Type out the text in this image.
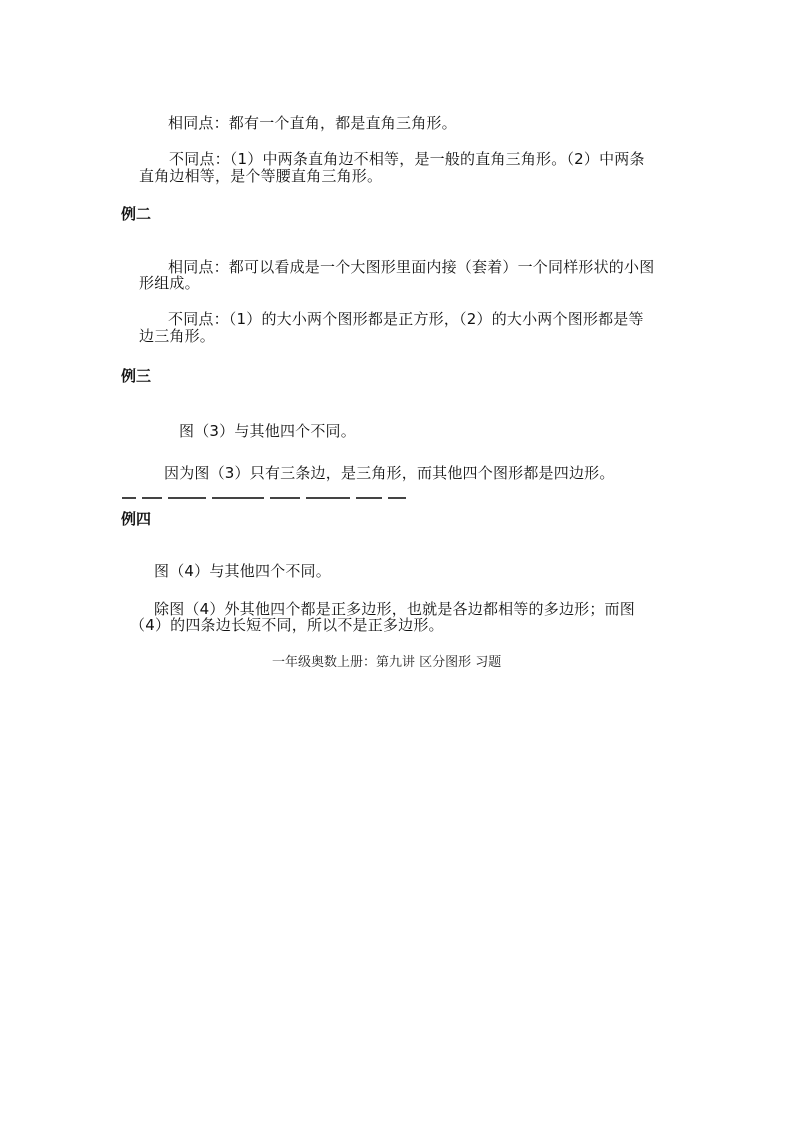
相同点：都有一个直角，都是直角三角形。
不同点：（1）中两条直角边不相等，是一般的直角三角形。（2）中两条
直角边相等，是个等腰直角三角形。
例二
相同点：都可以看成是一个大图形里面内接（套着）一个同样形状的小图
形组成。
不同点：（1）的大小两个图形都是正方形，（2）的大小两个图形都是等
边三角形。
例三
图（3）与其他四个不同。
因为图（3）只有三条边，是三角形，而其他四个图形都是四边形。
例四
图（4）与其他四个不同。
除图（4）外其他四个都是正多边形，也就是各边都相等的多边形；而图
（4）的四条边长短不同，所以不是正多边形。
一年级奥数上册：第九讲 区分图形 习题
